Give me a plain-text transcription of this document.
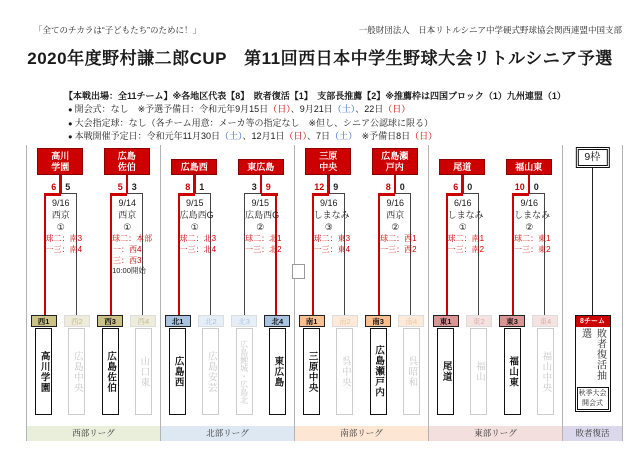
「全てのチカラは“子どもたち”のために！」	一般財団法人　日本リトルシニア中学硬式野球協会関西連盟中国支部
2020年度野村謙二郎CUP　第11回西日本中学生野球大会リトルシニア予選
【本戦出場：全11チーム】※各地区代表【8】　敗者復活【1】　支部長推薦【2】※推薦枠は四国ブロック（1）九州連盟（1）
● 開会式：なし　※予選予備日：令和元年9月15日（日）、9月21日（土）、22日（日）
● 大会指定球：なし（各チーム用意：メーカ等の指定なし　※但し、シニア公認球に限る）
● 本戦開催予定日：令和元年11月30日（土）、12月1日（日）、7日（土）　※予備日8日（日）
高川
学園
6 5
9/16
西京
①
球二：南3
一三：南4
西1
高川学園
西2
広島中央
広島
佐伯
5 3
9/14
西京
①
球二：本部
一：西4
三：西3
10:00開始
西3
広島佐伯
西4
山口東
西部リーグ
広島西
8 1
9/15
広島西G
①
球二：北3
一三：北4
北1
広島西
北2
広島安芸
東広島
3 9
9/15
広島西G
②
球二：北1
一三：北2
北3
広島鯉城・広島北
北4
東広島
北部リーグ
三原
中央
12 9
9/16
しまなみ
③
球二：東3
一三：東4
南1
三原中央
南2
呉中央
広島瀬
戸内
8 0
9/16
西京
②
球二：西1
一三：西2
南3
広島瀬戸内
南4
呉昭和
南部リーグ
尾道
6 0
6/16
しまなみ
①
球二：南1
一三：南2
東1
尾道
東2
福山
福山東
10 0
9/16
しまなみ
②
球二：東1
一三：東2
東3
福山東
東4
福山中央
東部リーグ
9枠
8チーム
敗者復活抽選
秋季大会
開会式
敗者復活
